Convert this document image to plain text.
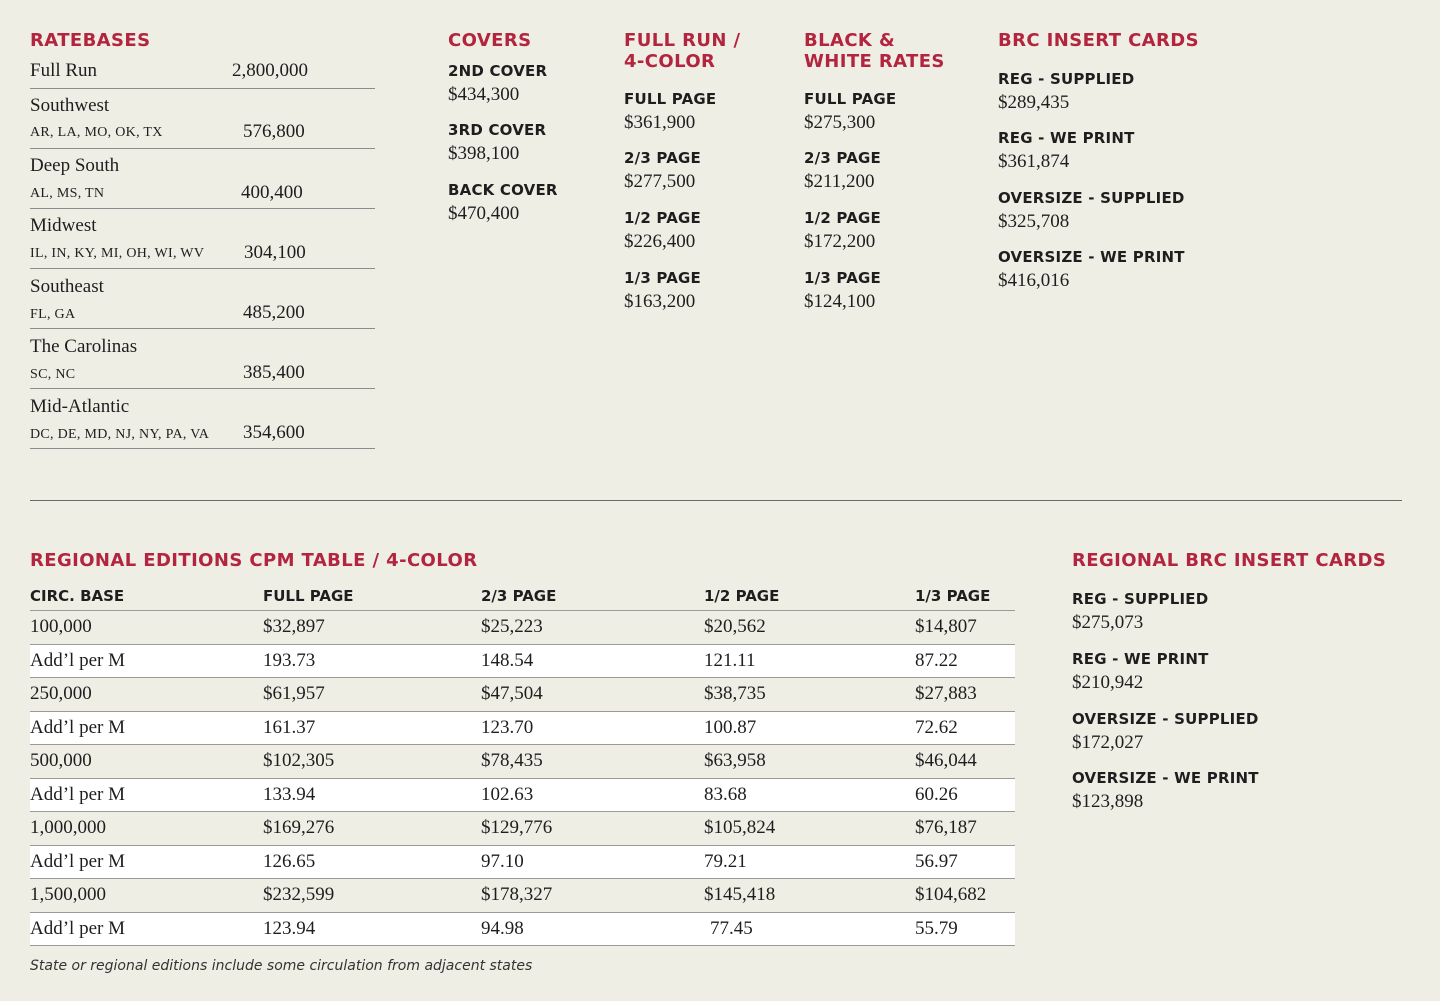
RATEBASES
Full Run	2,800,000
Southwest
AR, LA, MO, OK, TX	576,800
Deep South
AL, MS, TN	400,400
Midwest
IL, IN, KY, MI, OH, WI, WV 304,100
Southeast
FL, GA	485,200
The Carolinas
SC, NC	385,400
Mid-Atlantic
DC, DE, MD, NJ, NY, PA, VA 354,600
COVERS
2ND COVER
$434,300
3RD COVER
$398,100
BACK COVER
$470,400
FULL RUN /
4-COLOR
FULL PAGE
$361,900
2/3 PAGE
$277,500
1/2 PAGE
$226,400
1/3 PAGE
$163,200
BLACK &
WHITE RATES
FULL PAGE
$275,300
2/3 PAGE
$211,200
1/2 PAGE
$172,200
1/3 PAGE
$124,100
BRC INSERT CARDS
REG - SUPPLIED
$289,435
REG - WE PRINT
$361,874
OVERSIZE - SUPPLIED
$325,708
OVERSIZE - WE PRINT
$416,016
REGIONAL EDITIONS CPM TABLE / 4-COLOR
CIRC. BASE	FULL PAGE	2/3 PAGE	1/2 PAGE	1/3 PAGE
100,000	$32,897	$25,223	$20,562	$14,807
Add’l per M	193.73	148.54	121.11	87.22
250,000	$61,957	$47,504	$38,735	$27,883
Add’l per M	161.37	123.70	100.87	72.62
500,000	$102,305	$78,435	$63,958	$46,044
Add’l per M	133.94	102.63	83.68	60.26
1,000,000	$169,276	$129,776	$105,824	$76,187
Add’l per M	126.65	97.10	79.21	56.97
1,500,000	$232,599	$178,327	$145,418	$104,682
Add’l per M	123.94	94.98	77.45	55.79
REGIONAL BRC INSERT CARDS
REG - SUPPLIED
$275,073
REG - WE PRINT
$210,942
OVERSIZE - SUPPLIED
$172,027
OVERSIZE - WE PRINT
$123,898
State or regional editions include some circulation from adjacent states
